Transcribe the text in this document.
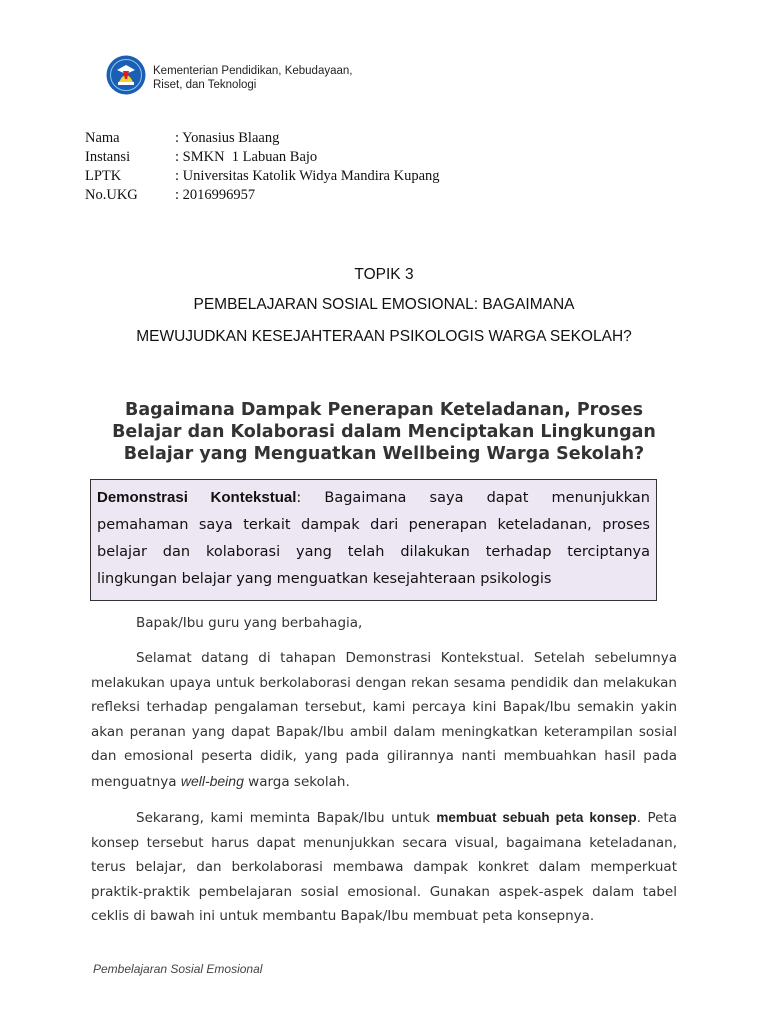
Kementerian Pendidikan, Kebudayaan,
Riset, dan Teknologi
Nama	: Yonasius Blaang
Instansi	: SMKN  1 Labuan Bajo
LPTK	: Universitas Katolik Widya Mandira Kupang
No.UKG	: 2016996957
TOPIK 3
PEMBELAJARAN SOSIAL EMOSIONAL: BAGAIMANA
MEWUJUDKAN KESEJAHTERAAN PSIKOLOGIS WARGA SEKOLAH?
Bagaimana Dampak Penerapan Keteladanan, Proses
Belajar dan Kolaborasi dalam Menciptakan Lingkungan
Belajar yang Menguatkan Wellbeing Warga Sekolah?

Demonstrasi Kontekstual: Bagaimana saya dapat menunjukkan pemahaman saya terkait dampak dari penerapan keteladanan, proses belajar dan kolaborasi yang telah dilakukan terhadap terciptanya lingkungan belajar yang menguatkan kesejahteraan psikologis

Bapak/Ibu guru yang berbahagia,

Selamat datang di tahapan Demonstrasi Kontekstual. Setelah sebelumnya melakukan upaya untuk berkolaborasi dengan rekan sesama pendidik dan melakukan refleksi terhadap pengalaman tersebut, kami percaya kini Bapak/Ibu semakin yakin akan peranan yang dapat Bapak/Ibu ambil dalam meningkatkan keterampilan sosial dan emosional peserta didik, yang pada gilirannya nanti membuahkan hasil pada menguatnya well-being warga sekolah.

Sekarang, kami meminta Bapak/Ibu untuk membuat sebuah peta konsep. Peta konsep tersebut harus dapat menunjukkan secara visual, bagaimana keteladanan, terus belajar, dan berkolaborasi membawa dampak konkret dalam memperkuat praktik-praktik pembelajaran sosial emosional. Gunakan aspek-aspek dalam tabel ceklis di bawah ini untuk membantu Bapak/Ibu membuat peta konsepnya.

Pembelajaran Sosial Emosional
